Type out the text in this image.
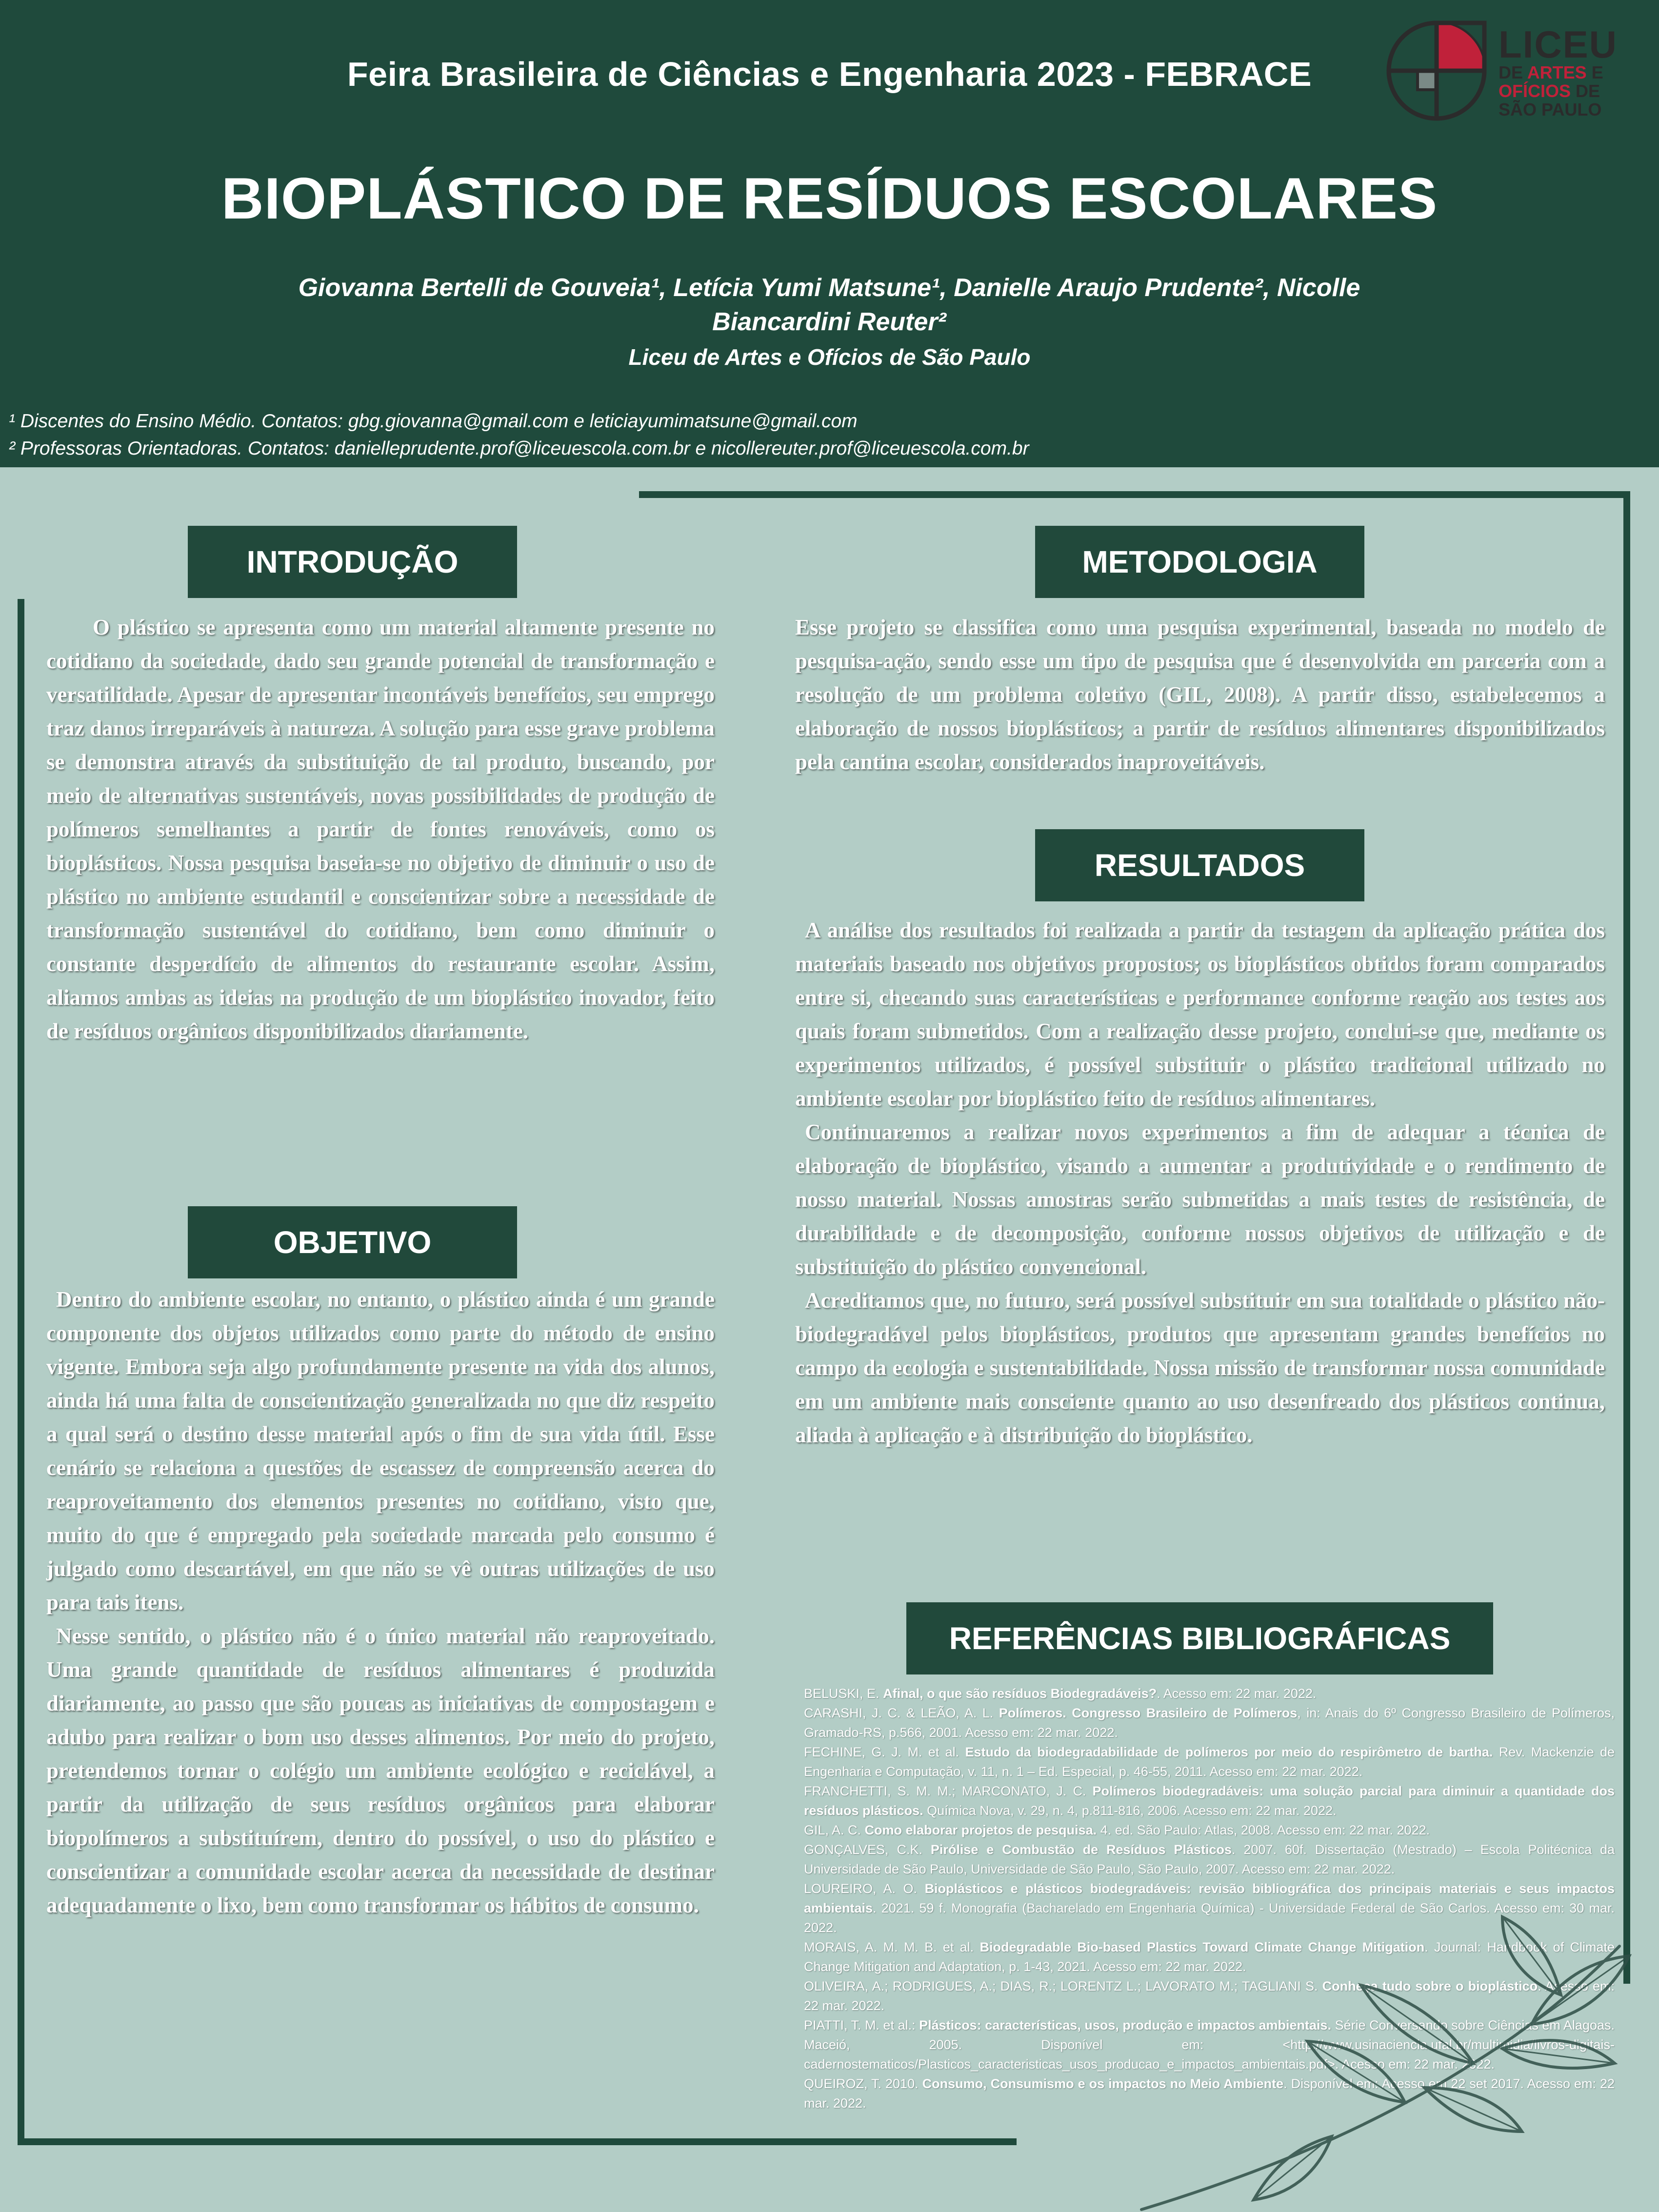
Feira Brasileira de Ciências e Engenharia 2023 - FEBRACE
BIOPLÁSTICO DE RESÍDUOS ESCOLARES
Giovanna Bertelli de Gouveia¹, Letícia Yumi Matsune¹, Danielle Araujo Prudente², Nicolle Biancardini Reuter²
Liceu de Artes e Ofícios de São Paulo
¹ Discentes do Ensino Médio. Contatos: gbg.giovanna@gmail.com e leticiayumimatsune@gmail.com
² Professoras Orientadoras. Contatos: danielleprudente.prof@liceuescola.com.br e nicollereuter.prof@liceuescola.com.br
LICEU
DE ARTES E
OFÍCIOS DE
SÃO PAULO
INTRODUÇÃO

O plástico se apresenta como um material altamente presente no cotidiano da sociedade, dado seu grande potencial de transformação e versatilidade. Apesar de apresentar incontáveis benefícios, seu emprego traz danos irreparáveis à natureza. A solução para esse grave problema se demonstra através da substituição de tal produto, buscando, por meio de alternativas sustentáveis, novas possibilidades de produção de polímeros semelhantes a partir de fontes renováveis, como os bioplásticos. Nossa pesquisa baseia-se no objetivo de diminuir o uso de plástico no ambiente estudantil e conscientizar sobre a necessidade de transformação sustentável do cotidiano, bem como diminuir o constante desperdício de alimentos do restaurante escolar. Assim, aliamos ambas as ideias na produção de um bioplástico inovador, feito de resíduos orgânicos disponibilizados diariamente.

OBJETIVO

Dentro do ambiente escolar, no entanto, o plástico ainda é um grande componente dos objetos utilizados como parte do método de ensino vigente. Embora seja algo profundamente presente na vida dos alunos, ainda há uma falta de conscientização generalizada no que diz respeito a qual será o destino desse material após o fim de sua vida útil. Esse cenário se relaciona a questões de escassez de compreensão acerca do reaproveitamento dos elementos presentes no cotidiano, visto que, muito do que é empregado pela sociedade marcada pelo consumo é julgado como descartável, em que não se vê outras utilizações de uso para tais itens.

Nesse sentido, o plástico não é o único material não reaproveitado. Uma grande quantidade de resíduos alimentares é produzida diariamente, ao passo que são poucas as iniciativas de compostagem e adubo para realizar o bom uso desses alimentos. Por meio do projeto, pretendemos tornar o colégio um ambiente ecológico e reciclável, a partir da utilização de seus resíduos orgânicos para elaborar biopolímeros a substituírem, dentro do possível, o uso do plástico e conscientizar a comunidade escolar acerca da necessidade de destinar adequadamente o lixo, bem como transformar os hábitos de consumo.

METODOLOGIA

Esse projeto se classifica como uma pesquisa experimental, baseada no modelo de pesquisa-ação, sendo esse um tipo de pesquisa que é desenvolvida em parceria com a resolução de um problema coletivo (GIL, 2008). A partir disso, estabelecemos a elaboração de nossos bioplásticos; a partir de resíduos alimentares disponibilizados pela cantina escolar, considerados inaproveitáveis.

RESULTADOS

A análise dos resultados foi realizada a partir da testagem da aplicação prática dos materiais baseado nos objetivos propostos; os bioplásticos obtidos foram comparados entre si, checando suas características e performance conforme reação aos testes aos quais foram submetidos. Com a realização desse projeto, conclui-se que, mediante os experimentos utilizados, é possível substituir o plástico tradicional utilizado no ambiente escolar por bioplástico feito de resíduos alimentares.

Continuaremos a realizar novos experimentos a fim de adequar a técnica de elaboração de bioplástico, visando a aumentar a produtividade e o rendimento de nosso material. Nossas amostras serão submetidas a mais testes de resistência, de durabilidade e de decomposição, conforme nossos objetivos de utilização e de substituição do plástico convencional.

Acreditamos que, no futuro, será possível substituir em sua totalidade o plástico não-biodegradável pelos bioplásticos, produtos que apresentam grandes benefícios no campo da ecologia e sustentabilidade. Nossa missão de transformar nossa comunidade em um ambiente mais consciente quanto ao uso desenfreado dos plásticos continua, aliada à aplicação e à distribuição do bioplástico.

REFERÊNCIAS BIBLIOGRÁFICAS

BELUSKI, E. Afinal, o que são resíduos Biodegradáveis?. Acesso em: 22 mar. 2022.

CARASHI, J. C. & LEÃO, A. L. Polímeros. Congresso Brasileiro de Polímeros, in: Anais do 6º Congresso Brasileiro de Polímeros, Gramado-RS, p.566, 2001. Acesso em: 22 mar. 2022.

FECHINE, G. J. M. et al. Estudo da biodegradabilidade de polímeros por meio do respirômetro de bartha. Rev. Mackenzie de Engenharia e Computação, v. 11, n. 1 – Ed. Especial, p. 46-55, 2011. Acesso em: 22 mar. 2022.

FRANCHETTI, S. M. M.; MARCONATO, J. C. Polímeros biodegradáveis: uma solução parcial para diminuir a quantidade dos resíduos plásticos. Química Nova, v. 29, n. 4, p.811-816, 2006. Acesso em: 22 mar. 2022.

GIL, A. C. Como elaborar projetos de pesquisa. 4. ed. São Paulo: Atlas, 2008. Acesso em: 22 mar. 2022.

GONÇALVES, C.K. Pirólise e Combustão de Resíduos Plásticos. 2007. 60f. Dissertação (Mestrado) – Escola Politécnica da Universidade de São Paulo, Universidade de São Paulo, São Paulo, 2007. Acesso em: 22 mar. 2022.

LOUREIRO, A. O. Bioplásticos e plásticos biodegradáveis: revisão bibliográfica dos principais materiais e seus impactos ambientais. 2021. 59 f. Monografia (Bacharelado em Engenharia Química) - Universidade Federal de São Carlos. Acesso em: 30 mar. 2022.

MORAIS, A. M. M. B. et al. Biodegradable Bio-based Plastics Toward Climate Change Mitigation. Journal: Handbook of Climate Change Mitigation and Adaptation, p. 1-43, 2021. Acesso em: 22 mar. 2022.

OLIVEIRA, A.; RODRIGUES, A.; DIAS, R.; LORENTZ L.; LAVORATO M.; TAGLIANI S. Conheça tudo sobre o bioplástico. Acesso em: 22 mar. 2022.

PIATTI, T. M. et al.: Plásticos: características, usos, produção e impactos ambientais. Série Conversando sobre Ciências em Alagoas. Maceió, 2005. Disponível em: <http://www.usinaciencia.ufal.br/multimidia/livros-digitais-cadernostematicos/Plasticos_caracteristicas_usos_producao_e_impactos_ambientais.pdf>. Acesso em: 22 mar. 2022.

QUEIROZ, T. 2010. Consumo, Consumismo e os impactos no Meio Ambiente. Disponível em: Acesso em 22 set 2017. Acesso em: 22 mar. 2022.
